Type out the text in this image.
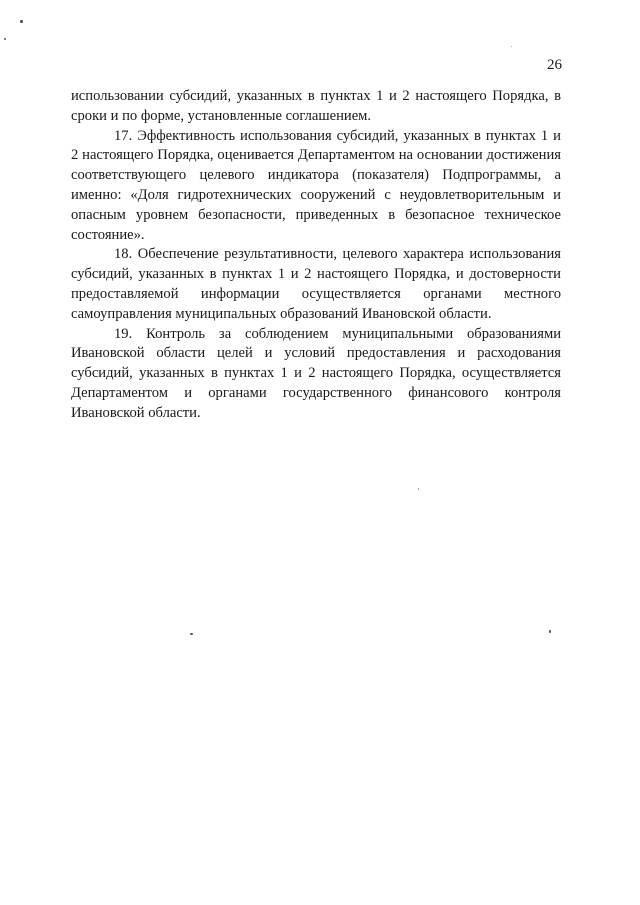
26

использовании субсидий, указанных в пунктах 1 и 2 настоящего Порядка, в сроки и по форме, установленные соглашением.

17. Эффективность использования субсидий, указанных в пунктах 1 и 2 настоящего Порядка, оценивается Департаментом на основании достижения соответствующего целевого индикатора (показателя) Подпрограммы, а именно: «Доля гидротехнических сооружений с неудовлетворительным и опасным уровнем безопасности, приведенных в безопасное техническое состояние».

18. Обеспечение результативности, целевого характера использования субсидий, указанных в пунктах 1 и 2 настоящего Порядка, и достоверности предоставляемой информации осуществляется органами местного самоуправления муниципальных образований Ивановской области.

19. Контроль за соблюдением муниципальными образованиями Ивановской области целей и условий предоставления и расходования субсидий, указанных в пунктах 1 и 2 настоящего Порядка, осуществляется Департаментом и органами государственного финансового контроля Ивановской области.
